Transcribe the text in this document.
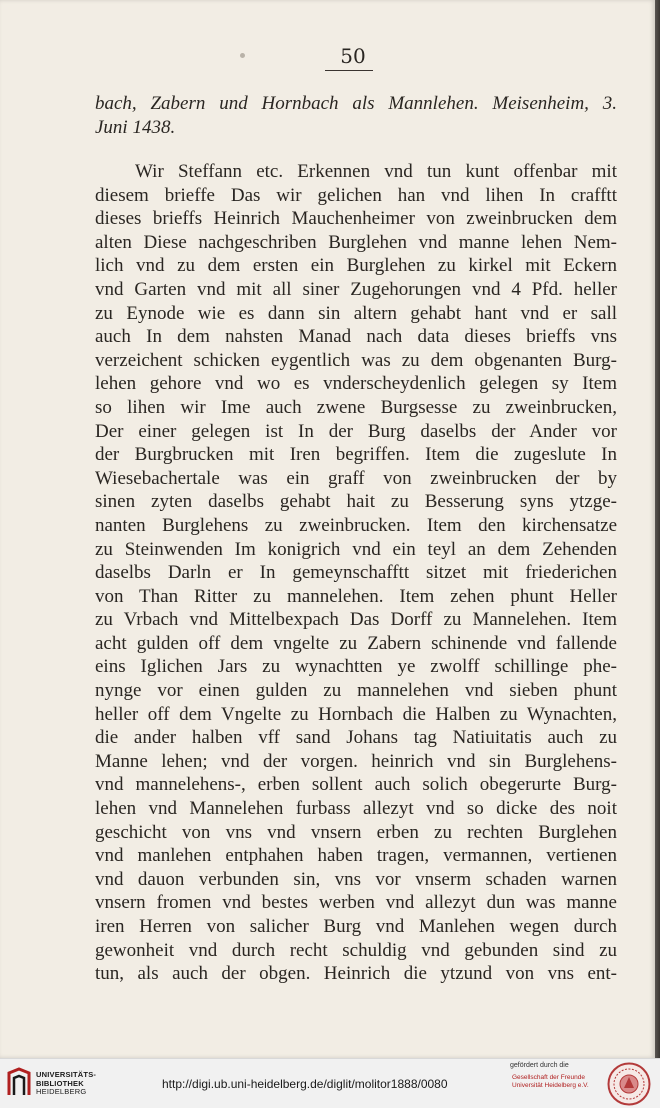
50
bach, Zabern und Hornbach als Mannlehen. Meisenheim, 3.
Juni 1438.
Wir Steffann etc. Erkennen vnd tun kunt offenbar mit
diesem brieffe Das wir gelichen han vnd lihen In crafftt
dieses brieffs Heinrich Mauchenheimer von zweinbrucken dem
alten Diese nachgeschriben Burglehen vnd manne lehen Nem-
lich vnd zu dem ersten ein Burglehen zu kirkel mit Eckern
vnd Garten vnd mit all siner Zugehorungen vnd 4 Pfd. heller
zu Eynode wie es dann sin altern gehabt hant vnd er sall
auch In dem nahsten Manad nach data dieses brieffs vns
verzeichent schicken eygentlich was zu dem obgenanten Burg-
lehen gehore vnd wo es vnderscheydenlich gelegen sy Item
so lihen wir Ime auch zwene Burgsesse zu zweinbrucken,
Der einer gelegen ist In der Burg daselbs der Ander vor
der Burgbrucken mit Iren begriffen. Item die zugeslute In
Wiesebachertale was ein graff von zweinbrucken der by
sinen zyten daselbs gehabt hait zu Besserung syns ytzge-
nanten Burglehens zu zweinbrucken. Item den kirchensatze
zu Steinwenden Im konigrich vnd ein teyl an dem Zehenden
daselbs Darln er In gemeynschafftt sitzet mit friederichen
von Than Ritter zu mannelehen. Item zehen phunt Heller
zu Vrbach vnd Mittelbexpach Das Dorff zu Mannelehen. Item
acht gulden off dem vngelte zu Zabern schinende vnd fallende
eins Iglichen Jars zu wynachtten ye zwolff schillinge phe-
nynge vor einen gulden zu mannelehen vnd sieben phunt
heller off dem Vngelte zu Hornbach die Halben zu Wynachten,
die ander halben vff sand Johans tag Natiuitatis auch zu
Manne lehen; vnd der vorgen. heinrich vnd sin Burglehens-
vnd mannelehens-, erben sollent auch solich obegerurte Burg-
lehen vnd Mannelehen furbass allezyt vnd so dicke des noit
geschicht von vns vnd vnsern erben zu rechten Burglehen
vnd manlehen entphahen haben tragen, vermannen, vertienen
vnd dauon verbunden sin, vns vor vnserm schaden warnen
vnsern fromen vnd bestes werben vnd allezyt dun was manne
iren Herren von salicher Burg vnd Manlehen wegen durch
gewonheit vnd durch recht schuldig vnd gebunden sind zu
tun, als auch der obgen. Heinrich die ytzund von vns ent-
UNIVERSITÄTS-
BIBLIOTHEK
HEIDELBERG
http://digi.ub.uni-heidelberg.de/diglit/molitor1888/0080
gefördert durch die
Gesellschaft der Freunde
Universität Heidelberg e.V.
